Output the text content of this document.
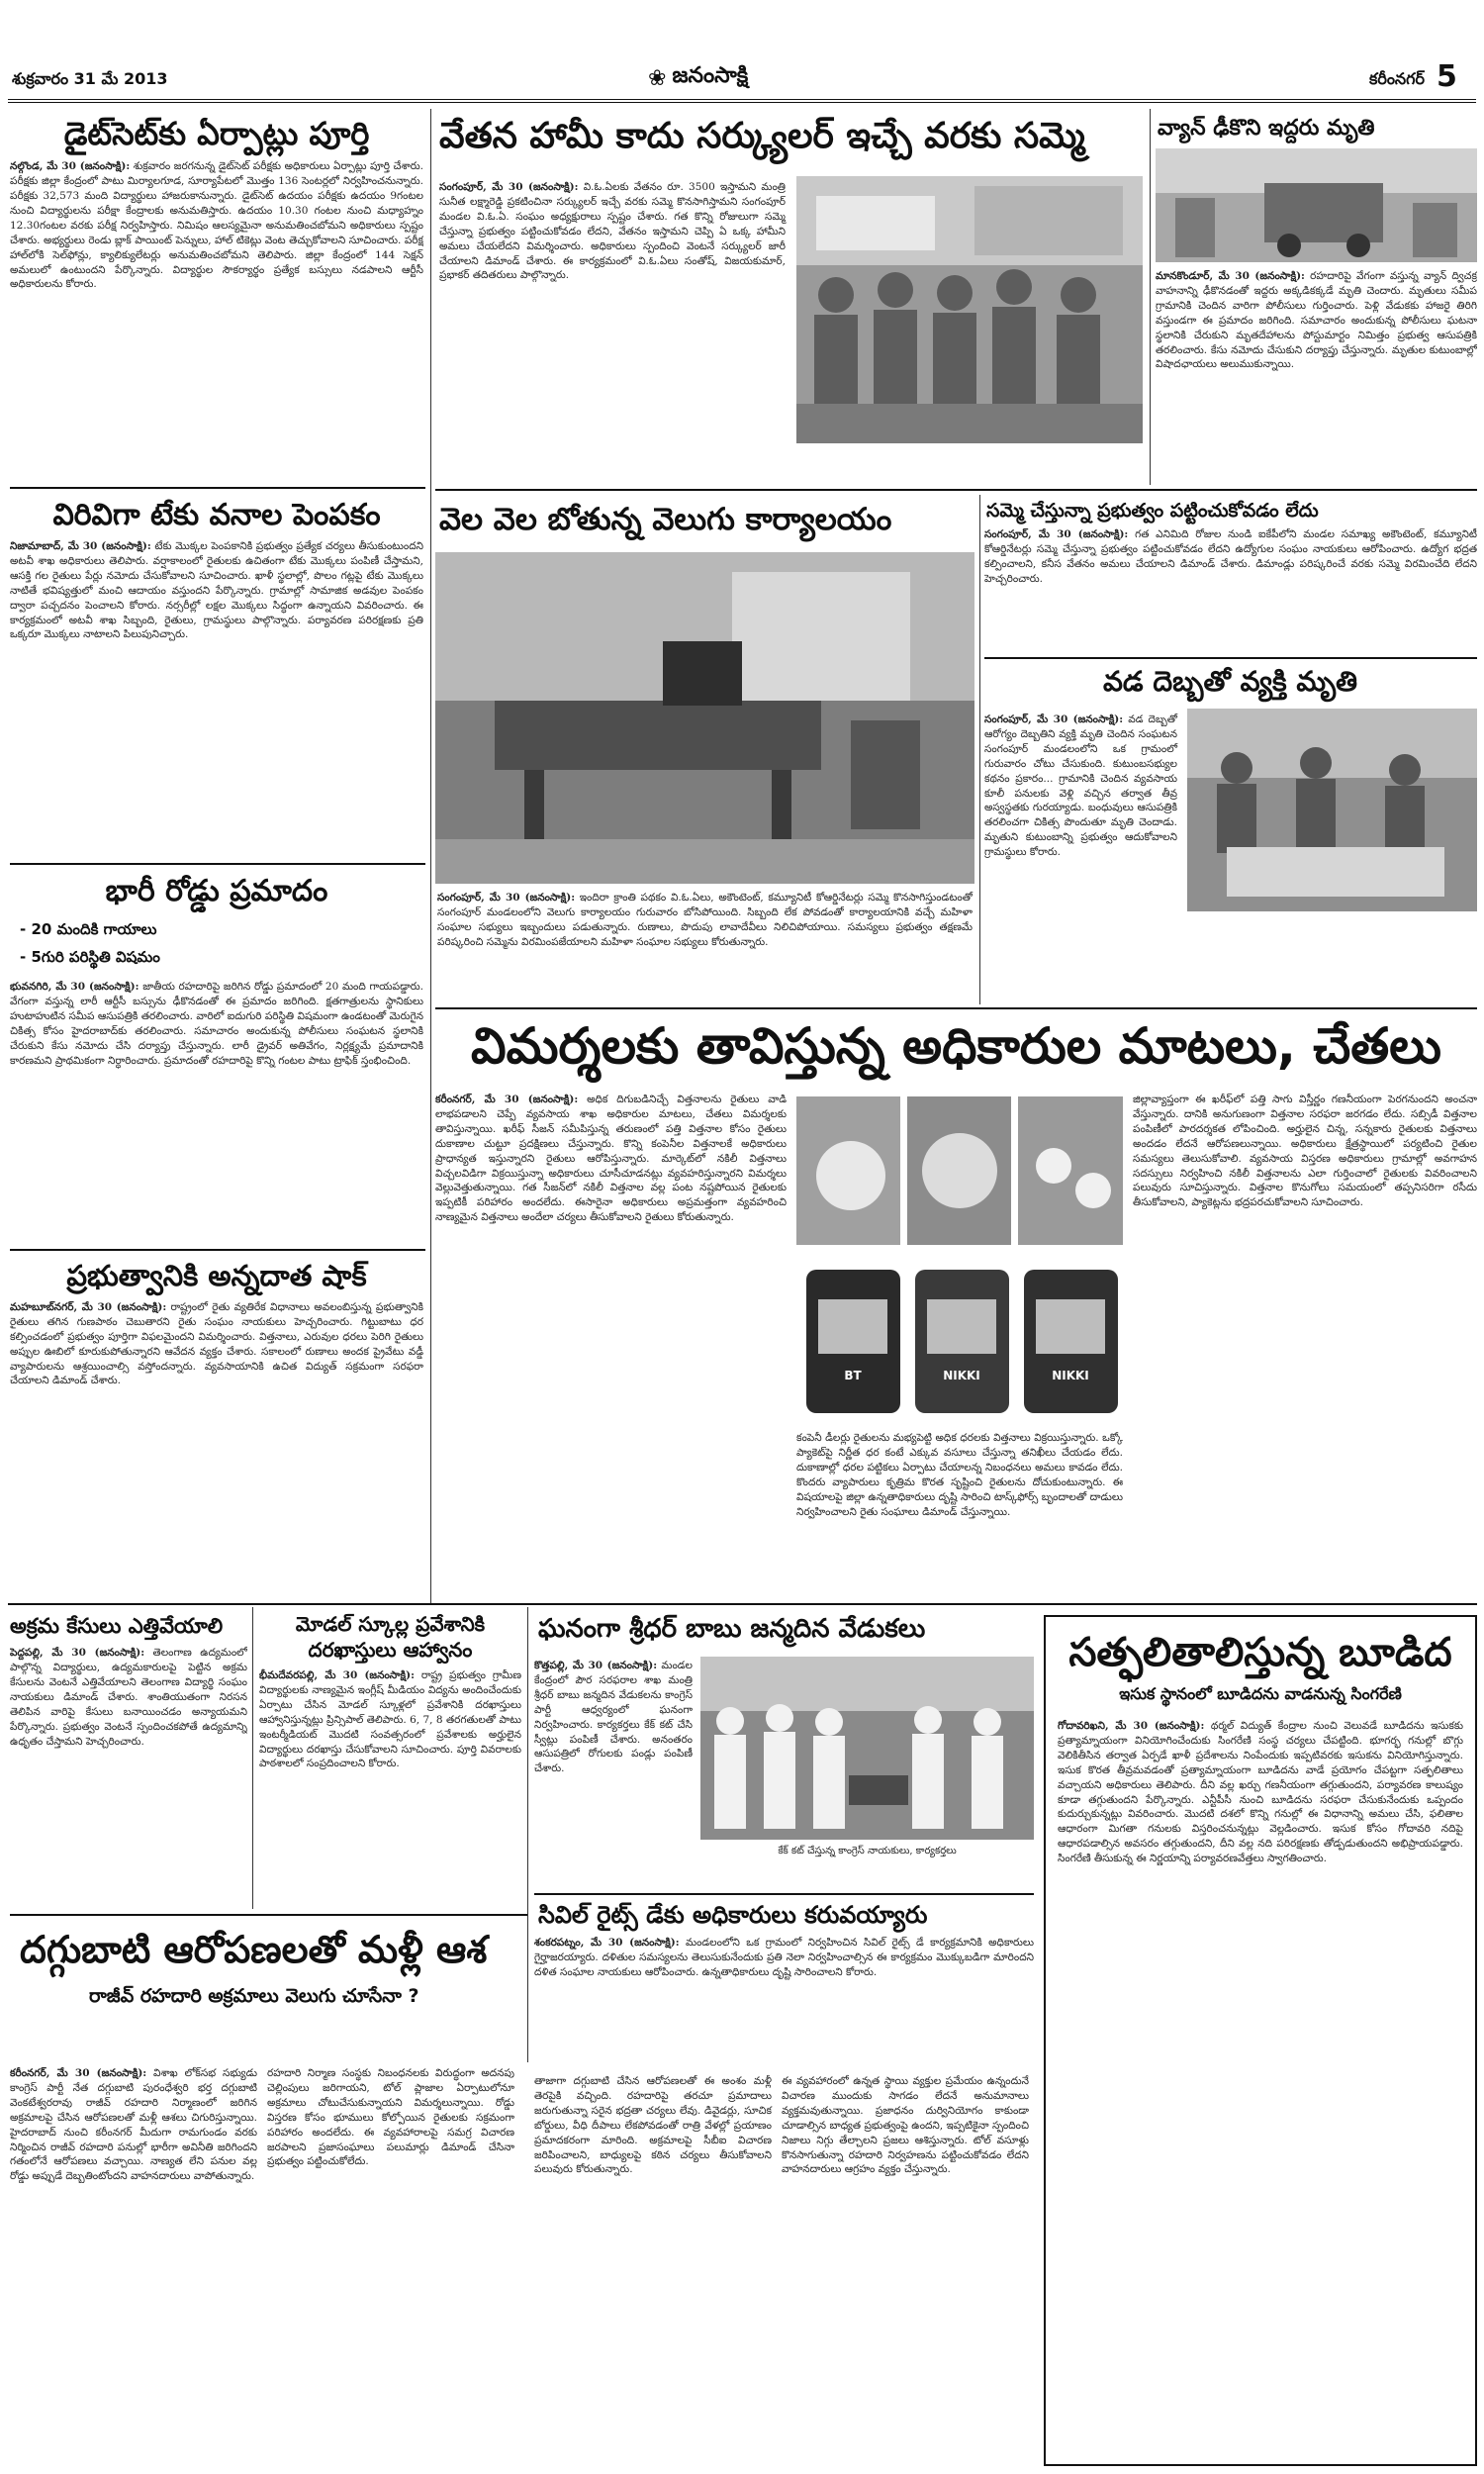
శుక్రవారం 31 మే 2013	❀ జనంసాక్షి	కరీంనగర్ 5
డైట్‌సెట్‌కు ఏర్పాట్లు పూర్తి
నల్గొండ, మే 30 (జనంసాక్షి): శుక్రవారం జరగనున్న డైట్‌సెట్ పరీక్షకు అధికారులు ఏర్పాట్లు పూర్తి చేశారు. పరీక్షకు జిల్లా కేంద్రంలో పాటు మిర్యాలగూడ, సూర్యాపేటలో మొత్తం 136 సెంటర్లలో నిర్వహించనున్నారు. పరీక్షకు 32,573 మంది విద్యార్థులు హాజరుకానున్నారు. డైట్‌సెట్ ఉదయం పరీక్షకు ఉదయం 9గంటల నుంచి విద్యార్థులను పరీక్షా కేంద్రాలకు అనుమతిస్తారు. ఉదయం 10.30 గంటల నుంచి మధ్యాహ్నం 12.30గంటల వరకు పరీక్ష నిర్వహిస్తారు. నిమిషం ఆలస్యమైనా అనుమతించబోమని అధికారులు స్పష్టం చేశారు. అభ్యర్థులు రెండు బ్లాక్ పాయింట్ పెన్నులు, హాల్ టికెట్లు వెంట తెచ్చుకోవాలని సూచించారు. పరీక్ష హాల్‌లోకి సెల్‌ఫోన్లు, క్యాలిక్యులేటర్లు అనుమతించబోమని తెలిపారు. జిల్లా కేంద్రంలో 144 సెక్షన్ అమలులో ఉంటుందని పేర్కొన్నారు. విద్యార్థుల సౌకర్యార్థం ప్రత్యేక బస్సులు నడపాలని ఆర్టీసీ అధికారులను కోరారు.
విరివిగా టేకు వనాల పెంపకం
నిజామాబాద్, మే 30 (జనంసాక్షి): టేకు మొక్కల పెంపకానికి ప్రభుత్వం ప్రత్యేక చర్యలు తీసుకుంటుందని అటవీ శాఖ అధికారులు తెలిపారు. వర్షాకాలంలో రైతులకు ఉచితంగా టేకు మొక్కలు పంపిణీ చేస్తామని, ఆసక్తి గల రైతులు పేర్లు నమోదు చేసుకోవాలని సూచించారు. ఖాళీ స్థలాల్లో, పొలం గట్లపై టేకు మొక్కలు నాటితే భవిష్యత్తులో మంచి ఆదాయం వస్తుందని పేర్కొన్నారు. గ్రామాల్లో సామాజిక అడవుల పెంపకం ద్వారా పచ్చదనం పెంచాలని కోరారు. నర్సరీల్లో లక్షల మొక్కలు సిద్ధంగా ఉన్నాయని వివరించారు. ఈ కార్యక్రమంలో అటవీ శాఖ సిబ్బంది, రైతులు, గ్రామస్థులు పాల్గొన్నారు. పర్యావరణ పరిరక్షణకు ప్రతి ఒక్కరూ మొక్కలు నాటాలని పిలుపునిచ్చారు.
భారీ రోడ్డు ప్రమాదం
- 20 మందికి గాయాలు
- 5గురి పరిస్థితి విషమం
భువనగిరి, మే 30 (జనంసాక్షి): జాతీయ రహదారిపై జరిగిన రోడ్డు ప్రమాదంలో 20 మంది గాయపడ్డారు. వేగంగా వస్తున్న లారీ ఆర్టీసీ బస్సును ఢీకొనడంతో ఈ ప్రమాదం జరిగింది. క్షతగాత్రులను స్థానికులు హుటాహుటిన సమీప ఆసుపత్రికి తరలించారు. వారిలో ఐదుగురి పరిస్థితి విషమంగా ఉండటంతో మెరుగైన చికిత్స కోసం హైదరాబాద్‌కు తరలించారు. సమాచారం అందుకున్న పోలీసులు సంఘటన స్థలానికి చేరుకుని కేసు నమోదు చేసి దర్యాప్తు చేస్తున్నారు. లారీ డ్రైవర్ అతివేగం, నిర్లక్ష్యమే ప్రమాదానికి కారణమని ప్రాథమికంగా నిర్ధారించారు. ప్రమాదంతో రహదారిపై కొన్ని గంటల పాటు ట్రాఫిక్ స్తంభించింది.
ప్రభుత్వానికి అన్నదాత షాక్
మహబూబ్‌నగర్, మే 30 (జనంసాక్షి): రాష్ట్రంలో రైతు వ్యతిరేక విధానాలు అవలంబిస్తున్న ప్రభుత్వానికి రైతులు తగిన గుణపాఠం చెబుతారని రైతు సంఘం నాయకులు హెచ్చరించారు. గిట్టుబాటు ధర కల్పించడంలో ప్రభుత్వం పూర్తిగా విఫలమైందని విమర్శించారు. విత్తనాలు, ఎరువుల ధరలు పెరిగి రైతులు అప్పుల ఊబిలో కూరుకుపోతున్నారని ఆవేదన వ్యక్తం చేశారు. సకాలంలో రుణాలు అందక ప్రైవేటు వడ్డీ వ్యాపారులను ఆశ్రయించాల్సి వస్తోందన్నారు. వ్యవసాయానికి ఉచిత విద్యుత్ సక్రమంగా సరఫరా చేయాలని డిమాండ్ చేశారు.
వేతన హామీ కాదు సర్క్యులర్ ఇచ్చే వరకు సమ్మె
సంగంపూర్, మే 30 (జనంసాక్షి): వి.ఓ.ఏలకు వేతనం రూ. 3500 ఇస్తామని మంత్రి సునీత లక్ష్మారెడ్డి ప్రకటించినా సర్క్యులర్ ఇచ్చే వరకు సమ్మె కొనసాగిస్తామని సంగంపూర్ మండల వి.ఓ.ఏ. సంఘం అధ్యక్షురాలు స్పష్టం చేశారు. గత కొన్ని రోజులుగా సమ్మె చేస్తున్నా ప్రభుత్వం పట్టించుకోవడం లేదని, వేతనం ఇస్తామని చెప్పి ఏ ఒక్క హామీని అమలు చేయలేదని విమర్శించారు. అధికారులు స్పందించి వెంటనే సర్క్యులర్ జారీ చేయాలని డిమాండ్ చేశారు. ఈ కార్యక్రమంలో వి.ఓ.ఏలు సంతోష్, విజయకుమార్, ప్రభాకర్ తదితరులు పాల్గొన్నారు.
వెల వెల బోతున్న వెలుగు కార్యాలయం
సంగంపూర్, మే 30 (జనంసాక్షి): ఇందిరా క్రాంతి పథకం వి.ఓ.ఏలు, అకౌంటెంట్, కమ్యూనిటీ కోఆర్డినేటర్లు సమ్మె కొనసాగిస్తుండటంతో సంగంపూర్ మండలంలోని వెలుగు కార్యాలయం గురువారం బోసిపోయింది. సిబ్బంది లేక పోవడంతో కార్యాలయానికి వచ్చే మహిళా సంఘాల సభ్యులు ఇబ్బందులు పడుతున్నారు. రుణాలు, పొదుపు లావాదేవీలు నిలిచిపోయాయి. సమస్యలు ప్రభుత్వం తక్షణమే పరిష్కరించి సమ్మెను విరమింపజేయాలని మహిళా సంఘాల సభ్యులు కోరుతున్నారు.
వ్యాన్ ఢీకొని ఇద్దరు మృతి
మానకొండూర్, మే 30 (జనంసాక్షి): రహదారిపై వేగంగా వస్తున్న వ్యాన్ ద్విచక్ర వాహనాన్ని ఢీకొనడంతో ఇద్దరు అక్కడికక్కడే మృతి చెందారు. మృతులు సమీప గ్రామానికి చెందిన వారిగా పోలీసులు గుర్తించారు. పెళ్లి వేడుకకు హాజరై తిరిగి వస్తుండగా ఈ ప్రమాదం జరిగింది. సమాచారం అందుకున్న పోలీసులు ఘటనా స్థలానికి చేరుకుని మృతదేహాలను పోస్టుమార్టం నిమిత్తం ప్రభుత్వ ఆసుపత్రికి తరలించారు. కేసు నమోదు చేసుకుని దర్యాప్తు చేస్తున్నారు. మృతుల కుటుంబాల్లో విషాదఛాయలు అలుముకున్నాయి.
సమ్మె చేస్తున్నా ప్రభుత్వం పట్టించుకోవడం లేదు
సంగంపూర్, మే 30 (జనంసాక్షి): గత ఎనిమిది రోజుల నుండి ఐకేపీలోని మండల సమాఖ్య అకౌంటెంట్, కమ్యూనిటీ కోఆర్డినేటర్లు సమ్మె చేస్తున్నా ప్రభుత్వం పట్టించుకోవడం లేదని ఉద్యోగుల సంఘం నాయకులు ఆరోపించారు. ఉద్యోగ భద్రత కల్పించాలని, కనీస వేతనం అమలు చేయాలని డిమాండ్ చేశారు. డిమాండ్లు పరిష్కరించే వరకు సమ్మె విరమించేది లేదని హెచ్చరించారు.
వడ దెబ్బతో వ్యక్తి మృతి
సంగంపూర్, మే 30 (జనంసాక్షి): వడ దెబ్బతో ఆరోగ్యం దెబ్బతిని వ్యక్తి మృతి చెందిన సంఘటన సంగంపూర్ మండలంలోని ఒక గ్రామంలో గురువారం చోటు చేసుకుంది. కుటుంబసభ్యుల కథనం ప్రకారం... గ్రామానికి చెందిన వ్యవసాయ కూలీ పనులకు వెళ్లి వచ్చిన తర్వాత తీవ్ర అస్వస్థతకు గురయ్యాడు. బంధువులు ఆసుపత్రికి తరలించగా చికిత్స పొందుతూ మృతి చెందాడు. మృతుని కుటుంబాన్ని ప్రభుత్వం ఆదుకోవాలని గ్రామస్థులు కోరారు.
విమర్శలకు తావిస్తున్న అధికారుల మాటలు, చేతలు
కరీంనగర్, మే 30 (జనంసాక్షి): అధిక దిగుబడినిచ్చే విత్తనాలను రైతులు వాడి లాభపడాలని చెప్పే వ్యవసాయ శాఖ అధికారుల మాటలు, చేతలు విమర్శలకు తావిస్తున్నాయి. ఖరీఫ్ సీజన్ సమీపిస్తున్న తరుణంలో పత్తి విత్తనాల కోసం రైతులు దుకాణాల చుట్టూ ప్రదక్షిణలు చేస్తున్నారు. కొన్ని కంపెనీల విత్తనాలకే అధికారులు ప్రాధాన్యత ఇస్తున్నారని రైతులు ఆరోపిస్తున్నారు. మార్కెట్‌లో నకిలీ విత్తనాలు విచ్చలవిడిగా విక్రయిస్తున్నా అధికారులు చూసీచూడనట్లు వ్యవహరిస్తున్నారని విమర్శలు వెల్లువెత్తుతున్నాయి. గత సీజన్‌లో నకిలీ విత్తనాల వల్ల పంట నష్టపోయిన రైతులకు ఇప్పటికీ పరిహారం అందలేదు. ఈసారైనా అధికారులు అప్రమత్తంగా వ్యవహరించి నాణ్యమైన విత్తనాలు అందేలా చర్యలు తీసుకోవాలని రైతులు కోరుతున్నారు.
BT	NIKKI	NIKKI
కంపెనీ డీలర్లు రైతులను మభ్యపెట్టి అధిక ధరలకు విత్తనాలు విక్రయిస్తున్నారు. ఒక్కో ప్యాకెట్‌పై నిర్ణీత ధర కంటే ఎక్కువ వసూలు చేస్తున్నా తనిఖీలు చేయడం లేదు. దుకాణాల్లో ధరల పట్టికలు ఏర్పాటు చేయాలన్న నిబంధనలు అమలు కావడం లేదు. కొందరు వ్యాపారులు కృత్రిమ కొరత సృష్టించి రైతులను దోచుకుంటున్నారు. ఈ విషయాలపై జిల్లా ఉన్నతాధికారులు దృష్టి సారించి టాస్క్‌ఫోర్స్ బృందాలతో దాడులు నిర్వహించాలని రైతు సంఘాలు డిమాండ్ చేస్తున్నాయి.
జిల్లావ్యాప్తంగా ఈ ఖరీఫ్‌లో పత్తి సాగు విస్తీర్ణం గణనీయంగా పెరగనుందని అంచనా వేస్తున్నారు. దానికి అనుగుణంగా విత్తనాల సరఫరా జరగడం లేదు. సబ్సిడీ విత్తనాల పంపిణీలో పారదర్శకత లోపించింది. అర్హులైన చిన్న, సన్నకారు రైతులకు విత్తనాలు అందడం లేదనే ఆరోపణలున్నాయి. అధికారులు క్షేత్రస్థాయిలో పర్యటించి రైతుల సమస్యలు తెలుసుకోవాలి. వ్యవసాయ విస్తరణ అధికారులు గ్రామాల్లో అవగాహన సదస్సులు నిర్వహించి నకిలీ విత్తనాలను ఎలా గుర్తించాలో రైతులకు వివరించాలని పలువురు సూచిస్తున్నారు. విత్తనాల కొనుగోలు సమయంలో తప్పనిసరిగా రసీదు తీసుకోవాలని, ప్యాకెట్లను భద్రపరచుకోవాలని సూచించారు.
అక్రమ కేసులు ఎత్తివేయాలి
పెద్దపల్లి, మే 30 (జనంసాక్షి): తెలంగాణ ఉద్యమంలో పాల్గొన్న విద్యార్థులు, ఉద్యమకారులపై పెట్టిన అక్రమ కేసులను వెంటనే ఎత్తివేయాలని తెలంగాణ విద్యార్థి సంఘం నాయకులు డిమాండ్ చేశారు. శాంతియుతంగా నిరసన తెలిపిన వారిపై కేసులు బనాయించడం అన్యాయమని పేర్కొన్నారు. ప్రభుత్వం వెంటనే స్పందించకపోతే ఉద్యమాన్ని ఉధృతం చేస్తామని హెచ్చరించారు.
మోడల్ స్కూల్ల ప్రవేశానికి
దరఖాస్తులు ఆహ్వానం
భీమదేవరపల్లి, మే 30 (జనంసాక్షి): రాష్ట్ర ప్రభుత్వం గ్రామీణ విద్యార్థులకు నాణ్యమైన ఇంగ్లీష్ మీడియం విద్యను అందించేందుకు ఏర్పాటు చేసిన మోడల్ స్కూళ్లలో ప్రవేశానికి దరఖాస్తులు ఆహ్వానిస్తున్నట్లు ప్రిన్సిపాల్ తెలిపారు. 6, 7, 8 తరగతులతో పాటు ఇంటర్మీడియట్ మొదటి సంవత్సరంలో ప్రవేశాలకు అర్హులైన విద్యార్థులు దరఖాస్తు చేసుకోవాలని సూచించారు. పూర్తి వివరాలకు పాఠశాలలో సంప్రదించాలని కోరారు.
ఘనంగా శ్రీధర్ బాబు జన్మదిన వేడుకలు
కొత్తపల్లి, మే 30 (జనంసాక్షి): మండల కేంద్రంలో పౌర సరఫరాల శాఖ మంత్రి శ్రీధర్ బాబు జన్మదిన వేడుకలను కాంగ్రెస్ పార్టీ ఆధ్వర్యంలో ఘనంగా నిర్వహించారు. కార్యకర్తలు కేక్ కట్ చేసి స్వీట్లు పంపిణీ చేశారు. అనంతరం ఆసుపత్రిలో రోగులకు పండ్లు పంపిణీ చేశారు.
కేక్ కట్ చేస్తున్న కాంగ్రెస్ నాయకులు, కార్యకర్తలు
సివిల్ రైట్స్ డేకు అధికారులు కరువయ్యారు
శంకరపట్నం, మే 30 (జనంసాక్షి): మండలంలోని ఒక గ్రామంలో నిర్వహించిన సివిల్ రైట్స్ డే కార్యక్రమానికి అధికారులు గైర్హాజరయ్యారు. దళితుల సమస్యలను తెలుసుకునేందుకు ప్రతి నెలా నిర్వహించాల్సిన ఈ కార్యక్రమం మొక్కుబడిగా మారిందని దళిత సంఘాల నాయకులు ఆరోపించారు. ఉన్నతాధికారులు దృష్టి సారించాలని కోరారు.
సత్ఫలితాలిస్తున్న బూడిద
ఇసుక స్థానంలో బూడిదను వాడనున్న సింగరేణి
గోదావరిఖని, మే 30 (జనంసాక్షి): థర్మల్ విద్యుత్ కేంద్రాల నుంచి వెలువడే బూడిదను ఇసుకకు ప్రత్యామ్నాయంగా వినియోగించేందుకు సింగరేణి సంస్థ చర్యలు చేపట్టింది. భూగర్భ గనుల్లో బొగ్గు వెలికితీసిన తర్వాత ఏర్పడే ఖాళీ ప్రదేశాలను నింపేందుకు ఇప్పటివరకు ఇసుకను వినియోగిస్తున్నారు. ఇసుక కొరత తీవ్రమవడంతో ప్రత్యామ్నాయంగా బూడిదను వాడే ప్రయోగం చేపట్టగా సత్ఫలితాలు వచ్చాయని అధికారులు తెలిపారు. దీని వల్ల ఖర్చు గణనీయంగా తగ్గుతుందని, పర్యావరణ కాలుష్యం కూడా తగ్గుతుందని పేర్కొన్నారు. ఎన్టీపీసీ నుంచి బూడిదను సరఫరా చేసుకునేందుకు ఒప్పందం కుదుర్చుకున్నట్లు వివరించారు. మొదటి దశలో కొన్ని గనుల్లో ఈ విధానాన్ని అమలు చేసి, ఫలితాల ఆధారంగా మిగతా గనులకు విస్తరించనున్నట్లు వెల్లడించారు. ఇసుక కోసం గోదావరి నదిపై ఆధారపడాల్సిన అవసరం తగ్గుతుందని, దీని వల్ల నది పరిరక్షణకు తోడ్పడుతుందని అభిప్రాయపడ్డారు. సింగరేణి తీసుకున్న ఈ నిర్ణయాన్ని పర్యావరణవేత్తలు స్వాగతించారు.
దగ్గుబాటి ఆరోపణలతో మళ్లీ ఆశ
రాజీవ్ రహదారి అక్రమాలు వెలుగు చూసేనా ?
కరీంనగర్, మే 30 (జనంసాక్షి): విశాఖ లోక్‌సభ సభ్యుడు కాంగ్రెస్ పార్టీ నేత దగ్గుబాటి పురంధేశ్వరి భర్త దగ్గుబాటి వెంకటేశ్వరరావు రాజీవ్ రహదారి నిర్మాణంలో జరిగిన అక్రమాలపై చేసిన ఆరోపణలతో మళ్లీ ఆశలు చిగురిస్తున్నాయి. హైదరాబాద్ నుంచి కరీంనగర్ మీదుగా రామగుండం వరకు నిర్మించిన రాజీవ్ రహదారి పనుల్లో భారీగా అవినీతి జరిగిందని గతంలోనే ఆరోపణలు వచ్చాయి. నాణ్యత లేని పనుల వల్ల రోడ్డు అప్పుడే దెబ్బతింటోందని వాహనదారులు వాపోతున్నారు.
రహదారి నిర్మాణ సంస్థకు నిబంధనలకు విరుద్ధంగా అదనపు చెల్లింపులు జరిగాయని, టోల్ ప్లాజాల ఏర్పాటులోనూ అక్రమాలు చోటుచేసుకున్నాయని విమర్శలున్నాయి. రోడ్డు విస్తరణ కోసం భూములు కోల్పోయిన రైతులకు సక్రమంగా పరిహారం అందలేదు. ఈ వ్యవహారాలపై సమగ్ర విచారణ జరపాలని ప్రజాసంఘాలు పలుమార్లు డిమాండ్ చేసినా ప్రభుత్వం పట్టించుకోలేదు.
తాజాగా దగ్గుబాటి చేసిన ఆరోపణలతో ఈ అంశం మళ్లీ తెరపైకి వచ్చింది. రహదారిపై తరచూ ప్రమాదాలు జరుగుతున్నా సరైన భద్రతా చర్యలు లేవు. డివైడర్లు, సూచిక బోర్డులు, వీధి దీపాలు లేకపోవడంతో రాత్రి వేళల్లో ప్రయాణం ప్రమాదకరంగా మారింది. అక్రమాలపై సీబీఐ విచారణ జరిపించాలని, బాధ్యులపై కఠిన చర్యలు తీసుకోవాలని పలువురు కోరుతున్నారు.
ఈ వ్యవహారంలో ఉన్నత స్థాయి వ్యక్తుల ప్రమేయం ఉన్నందునే విచారణ ముందుకు సాగడం లేదనే అనుమానాలు వ్యక్తమవుతున్నాయి. ప్రజాధనం దుర్వినియోగం కాకుండా చూడాల్సిన బాధ్యత ప్రభుత్వంపై ఉందని, ఇప్పటికైనా స్పందించి నిజాలు నిగ్గు తేల్చాలని ప్రజలు ఆశిస్తున్నారు. టోల్ వసూళ్లు కొనసాగుతున్నా రహదారి నిర్వహణను పట్టించుకోవడం లేదని వాహనదారులు ఆగ్రహం వ్యక్తం చేస్తున్నారు.
